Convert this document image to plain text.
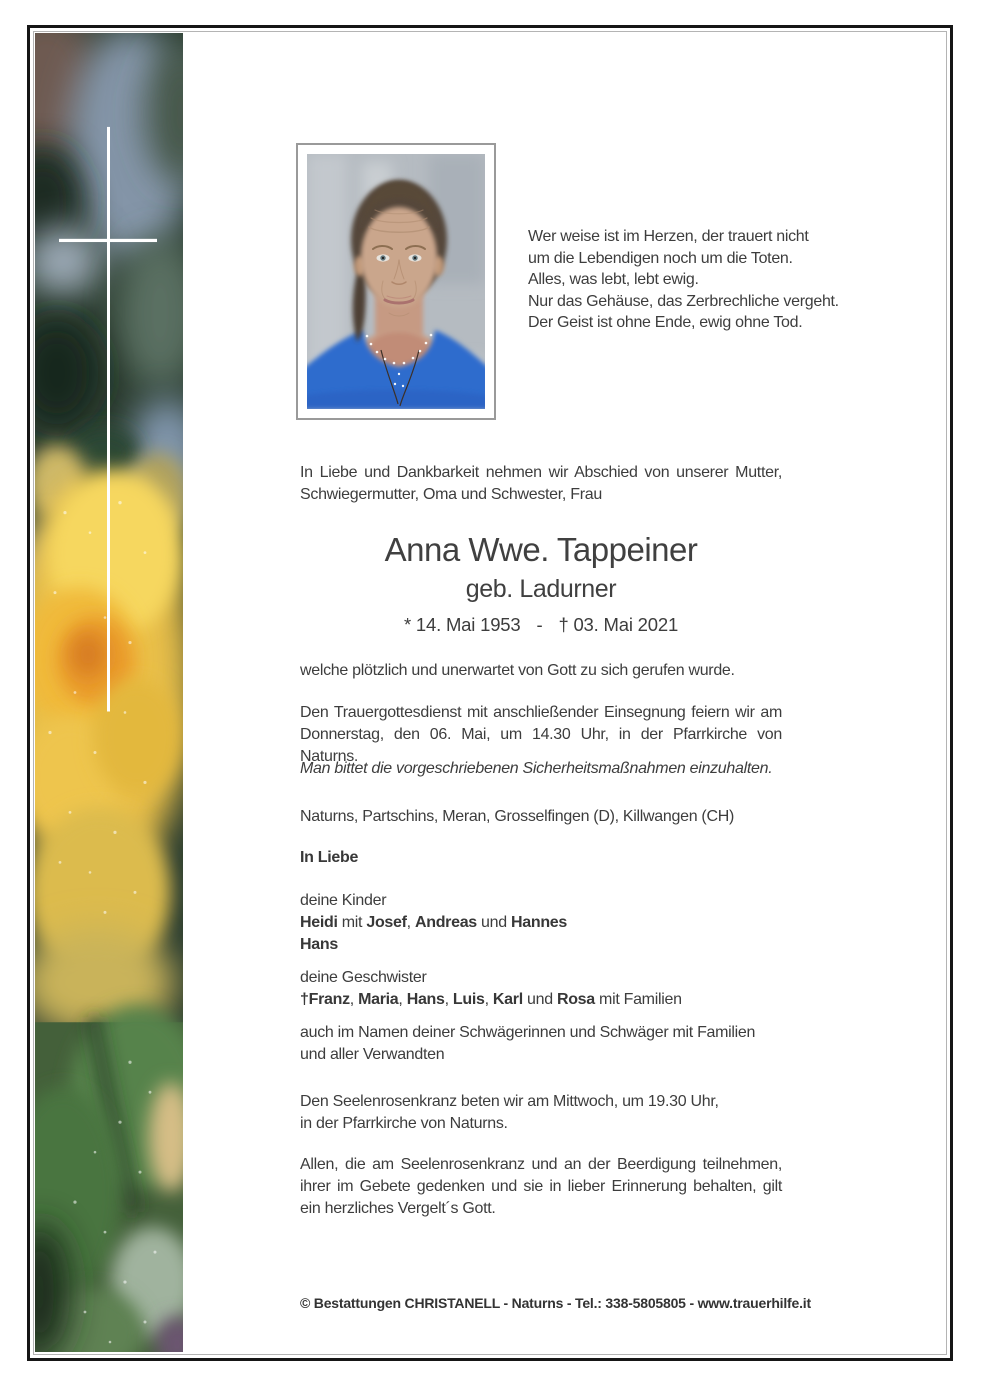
Wer weise ist im Herzen, der trauert nicht
um die Lebendigen noch um die Toten.
Alles, was lebt, lebt ewig.
Nur das Gehäuse, das Zerbrechliche vergeht.
Der Geist ist ohne Ende, ewig ohne Tod.
In Liebe und Dankbarkeit nehmen wir Abschied von unserer Mutter, Schwiegermutter, Oma und Schwester, Frau
Anna Wwe. Tappeiner
geb. Ladurner
* 14. Mai 1953 - † 03. Mai 2021
welche plötzlich und unerwartet von Gott zu sich gerufen wurde.
Den Trauergottesdienst mit anschließender Einsegnung feiern wir am Donnerstag, den 06. Mai, um 14.30 Uhr, in der Pfarrkirche von Naturns.
Man bittet die vorgeschriebenen Sicherheitsmaßnahmen einzuhalten.
Naturns, Partschins, Meran, Grosselfingen (D), Killwangen (CH)
In Liebe
deine Kinder
Heidi mit Josef, Andreas und Hannes
Hans
deine Geschwister
†Franz, Maria, Hans, Luis, Karl und Rosa mit Familien
auch im Namen deiner Schwägerinnen und Schwäger mit Familien
und aller Verwandten
Den Seelenrosenkranz beten wir am Mittwoch, um 19.30 Uhr,
in der Pfarrkirche von Naturns.
Allen, die am Seelenrosenkranz und an der Beerdigung teilnehmen, ihrer im Gebete gedenken und sie in lieber Erinnerung behalten, gilt ein herzliches Vergelt´s Gott.
© Bestattungen CHRISTANELL - Naturns - Tel.: 338-5805805 - www.trauerhilfe.it
